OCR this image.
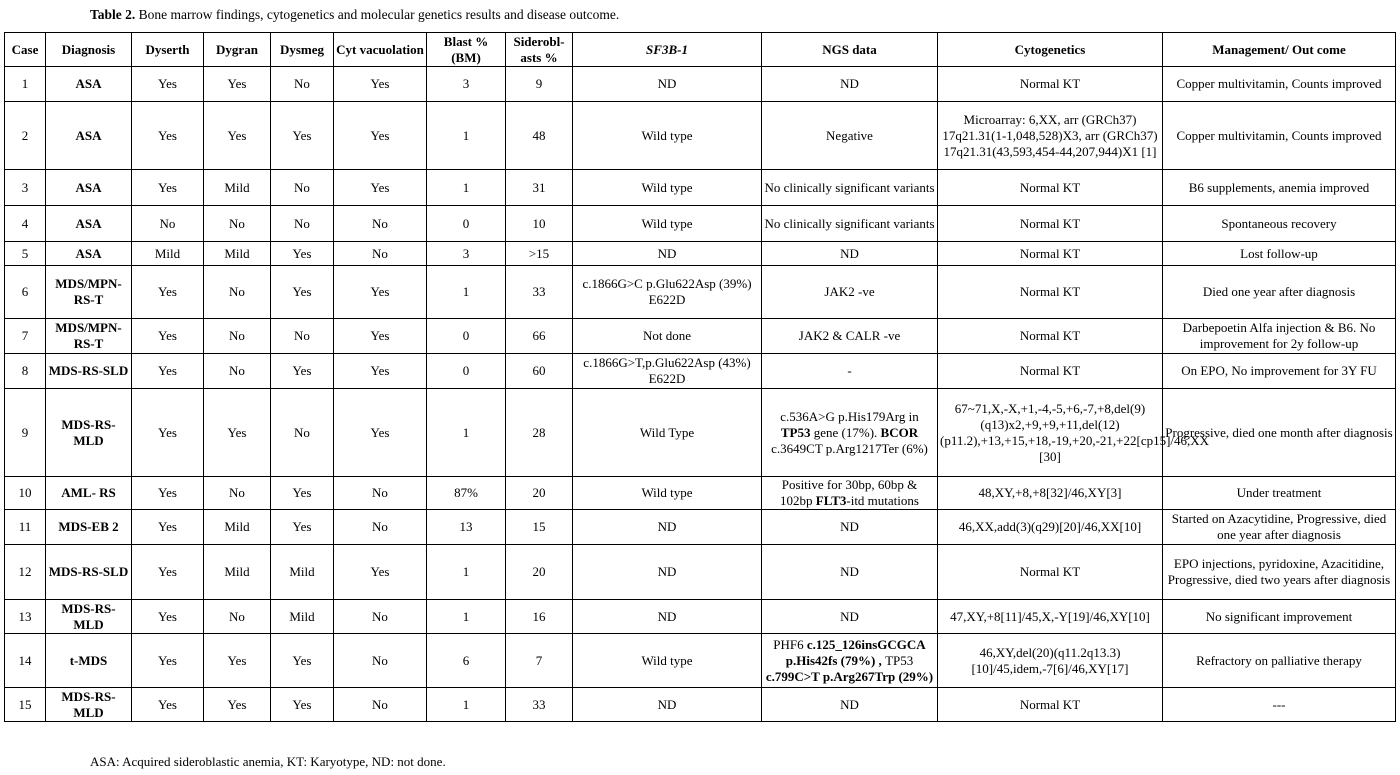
Table 2. Bone marrow findings, cytogenetics and molecular genetics results and disease outcome.
Case	Diagnosis	Dyserth	Dygran	Dysmeg	Cyt vacuolation	Blast % (BM)	Siderobl-asts %	SF3B-1	NGS data	Cytogenetics	Management/ Out come
1	ASA	Yes	Yes	No	Yes	3	9	ND	ND	Normal KT	Copper multivitamin, Counts improved
2	ASA	Yes	Yes	Yes	Yes	1	48	Wild type	Negative	Microarray: 6,XX, arr (GRCh37) 17q21.31(1-1,048,528)X3, arr (GRCh37) 17q21.31(43,593,454-44,207,944)X1 [1]	Copper multivitamin, Counts improved
3	ASA	Yes	Mild	No	Yes	1	31	Wild type	No clinically significant variants	Normal KT	B6 supplements, anemia improved
4	ASA	No	No	No	No	0	10	Wild type	No clinically significant variants	Normal KT	Spontaneous recovery
5	ASA	Mild	Mild	Yes	No	3	>15	ND	ND	Normal KT	Lost follow-up
6	MDS/MPN-RS-T	Yes	No	Yes	Yes	1	33	c.1866G>C p.Glu622Asp (39%) E622D	JAK2 -ve	Normal KT	Died one year after diagnosis
7	MDS/MPN-RS-T	Yes	No	No	Yes	0	66	Not done	JAK2 & CALR -ve	Normal KT	Darbepoetin Alfa injection & B6. No improvement for 2y follow-up
8	MDS-RS-SLD	Yes	No	Yes	Yes	0	60	c.1866G>T,p.Glu622Asp (43%) E622D	-	Normal KT	On EPO, No improvement for 3Y FU
9	MDS-RS-MLD	Yes	Yes	No	Yes	1	28	Wild Type	c.536A>G p.His179Arg in TP53 gene (17%). BCOR c.3649CT p.Arg1217Ter (6%)	67~71,X,-X,+1,-4,-5,+6,-7,+8,del(9)(q13)x2,+9,+9,+11,del(12)(p11.2),+13,+15,+18,-19,+20,-21,+22[cp15]/46,XX [30]	Progressive, died one month after diagnosis
10	AML- RS	Yes	No	Yes	No	87%	20	Wild type	Positive for 30bp, 60bp & 102bp FLT3-itd mutations	48,XY,+8,+8[32]/46,XY[3]	Under treatment
11	MDS-EB 2	Yes	Mild	Yes	No	13	15	ND	ND	46,XX,add(3)(q29)[20]/46,XX[10]	Started on Azacytidine, Progressive, died one year after diagnosis
12	MDS-RS-SLD	Yes	Mild	Mild	Yes	1	20	ND	ND	Normal KT	EPO injections, pyridoxine, Azacitidine, Progressive, died two years after diagnosis
13	MDS-RS-MLD	Yes	No	Mild	No	1	16	ND	ND	47,XY,+8[11]/45,X,-Y[19]/46,XY[10]	No significant improvement
14	t-MDS	Yes	Yes	Yes	No	6	7	Wild type	PHF6 c.125_126insGCGCA p.His42fs (79%) , TP53 c.799C>T p.Arg267Trp (29%)	46,XY,del(20)(q11.2q13.3)[10]/45,idem,-7[6]/46,XY[17]	Refractory on palliative therapy
15	MDS-RS-MLD	Yes	Yes	Yes	No	1	33	ND	ND	Normal KT	---
ASA: Acquired sideroblastic anemia, KT: Karyotype, ND: not done.
